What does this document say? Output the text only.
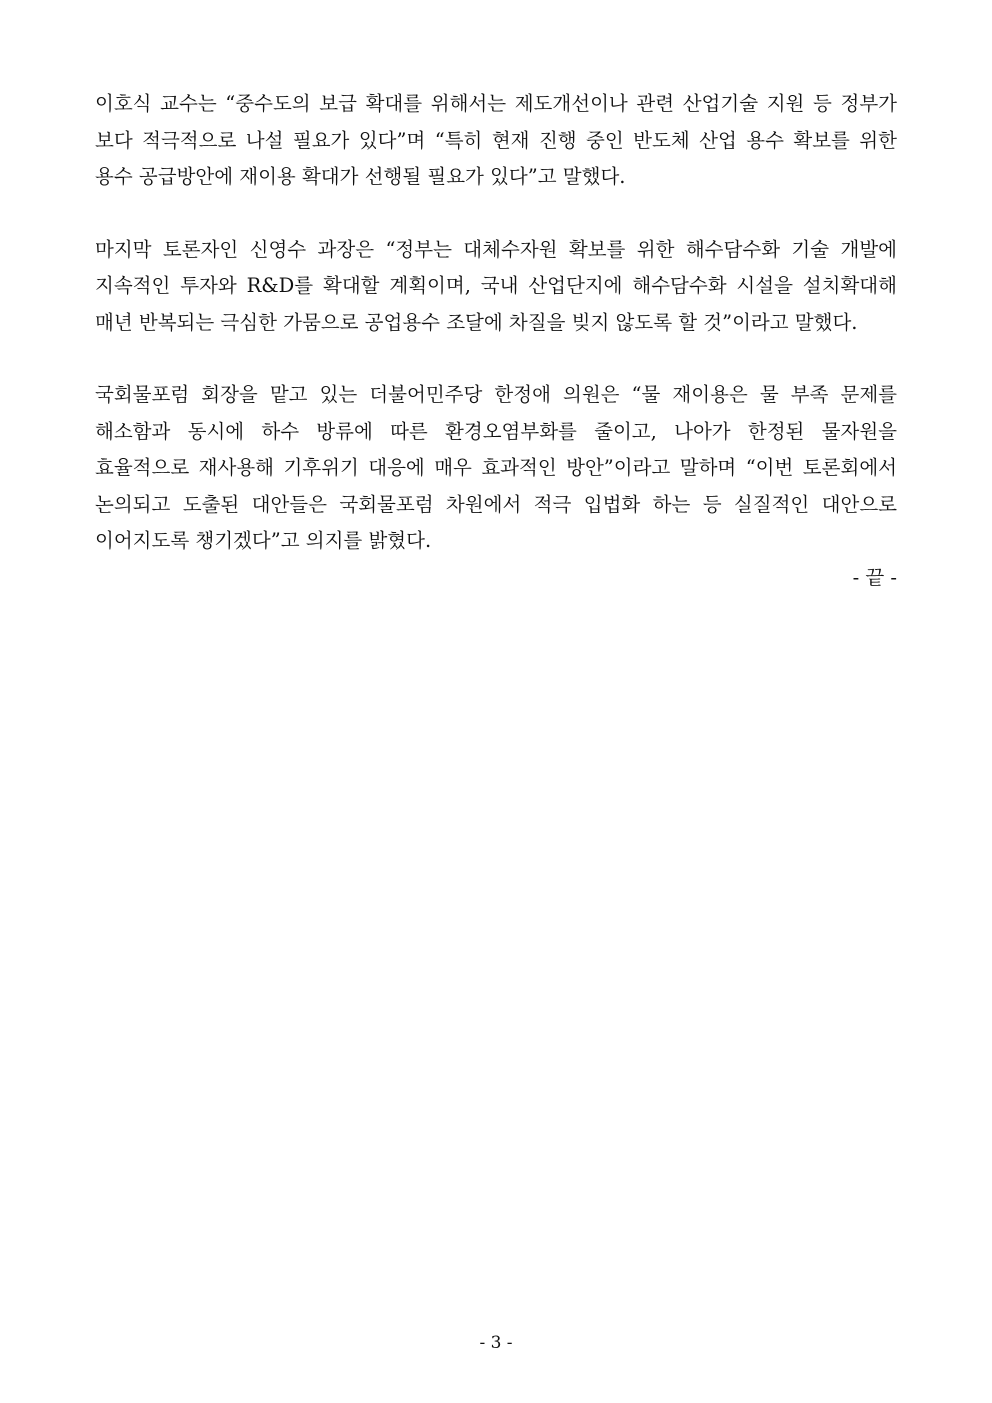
이호식 교수는 “중수도의 보급 확대를 위해서는 제도개선이나 관련 산업기술 지원 등 정부가 보다 적극적으로 나설 필요가 있다”며 “특히 현재 진행 중인 반도체 산업 용수 확보를 위한 용수 공급방안에 재이용 확대가 선행될 필요가 있다”고 말했다.

마지막 토론자인 신영수 과장은 “정부는 대체수자원 확보를 위한 해수담수화 기술 개발에 지속적인 투자와 R&D를 확대할 계획이며, 국내 산업단지에 해수담수화 시설을 설치확대해 매년 반복되는 극심한 가뭄으로 공업용수 조달에 차질을 빚지 않도록 할 것”이라고 말했다.

국회물포럼 회장을 맡고 있는 더불어민주당 한정애 의원은 “물 재이용은 물 부족 문제를 해소함과 동시에 하수 방류에 따른 환경오염부화를 줄이고, 나아가 한정된 물자원을 효율적으로 재사용해 기후위기 대응에 매우 효과적인 방안”이라고 말하며 “이번 토론회에서 논의되고 도출된 대안들은 국회물포럼 차원에서 적극 입법화 하는 등 실질적인 대안으로 이어지도록 챙기겠다”고 의지를 밝혔다.

- 끝 -

- 3 -
